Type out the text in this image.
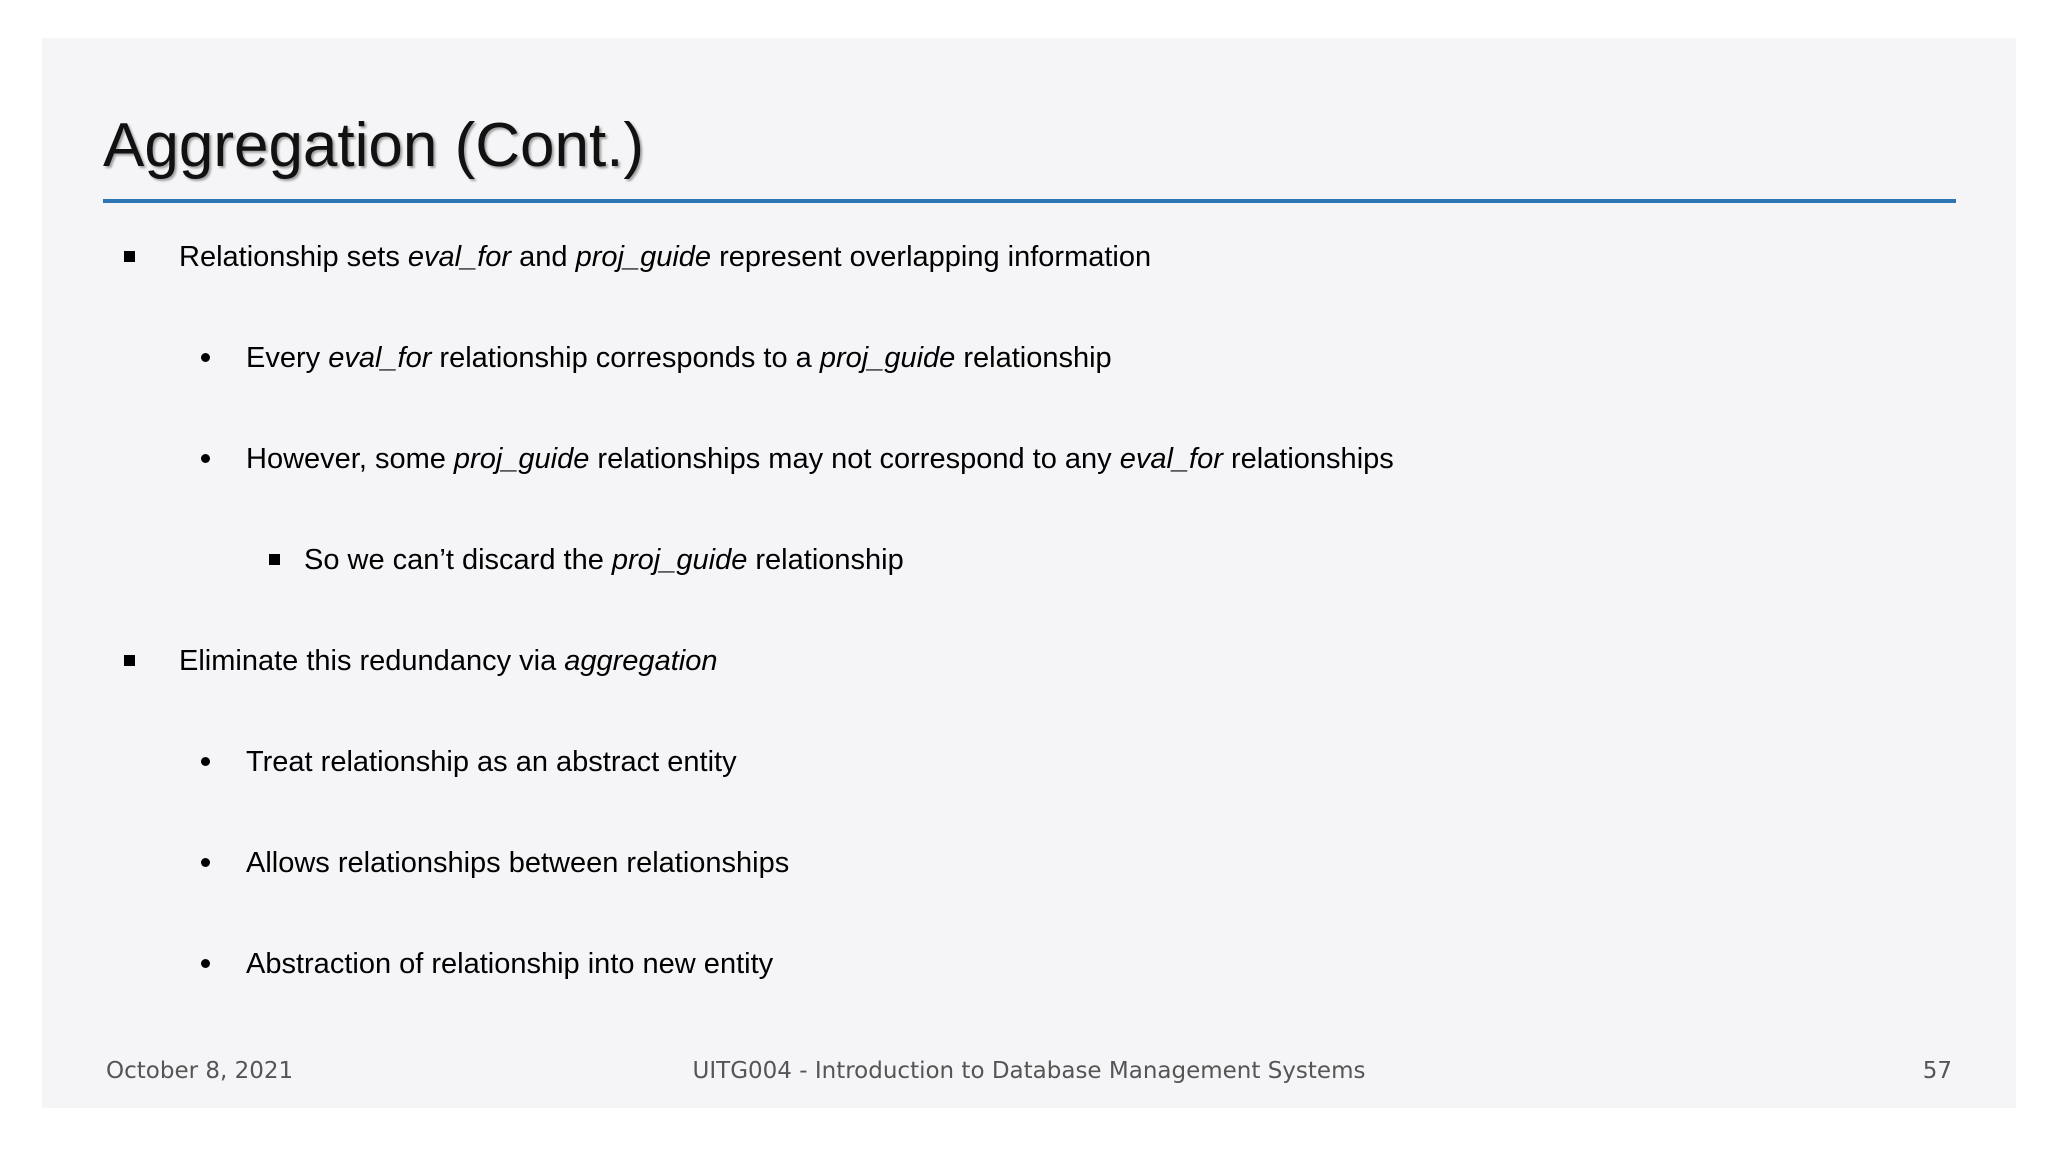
Aggregation (Cont.)
Relationship sets eval_for and proj_guide represent overlapping information
Every eval_for relationship corresponds to a proj_guide relationship
However, some proj_guide relationships may not correspond to any eval_for relationships
So we can’t discard the proj_guide relationship
Eliminate this redundancy via aggregation
Treat relationship as an abstract entity
Allows relationships between relationships
Abstraction of relationship into new entity
October 8, 2021	UITG004 - Introduction to Database Management Systems	57
